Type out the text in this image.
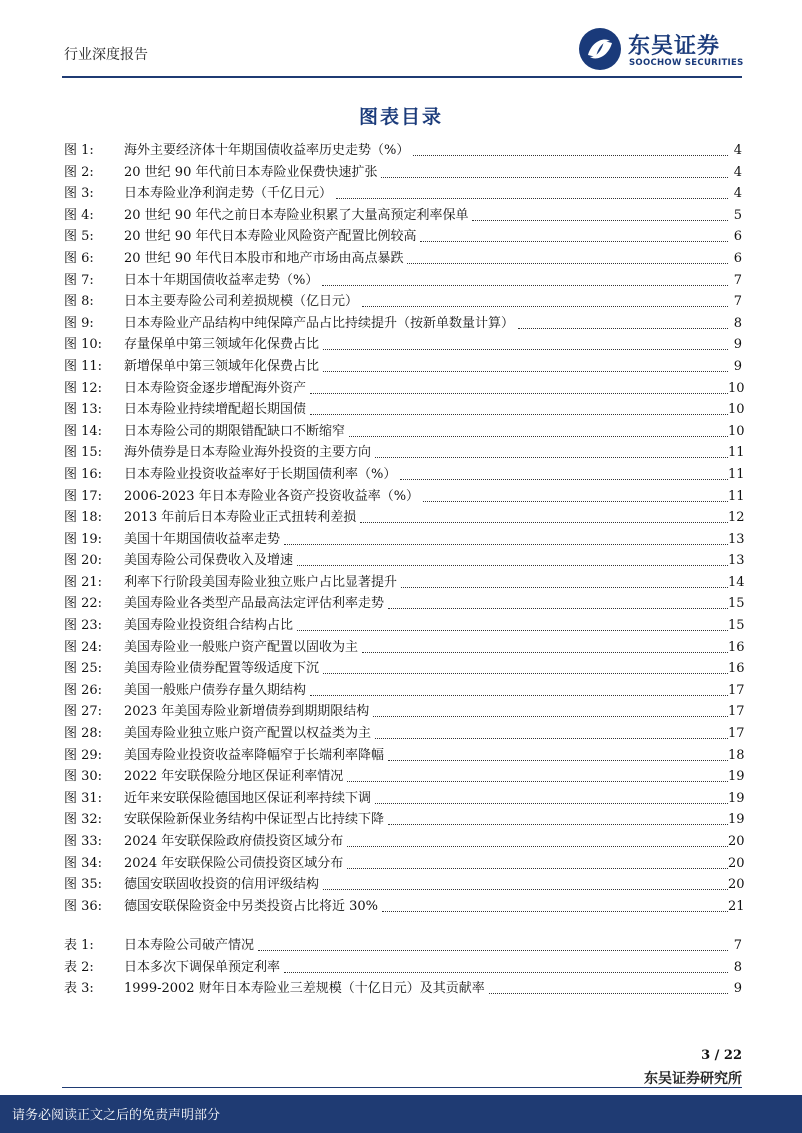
行业深度报告	东吴证券
SOOCHOW SECURITIES
图表目录
图 1: 海外主要经济体十年期国债收益率历史走势（%）	4
图 2: 20 世纪 90 年代前日本寿险业保费快速扩张	4
图 3: 日本寿险业净利润走势（千亿日元）	4
图 4: 20 世纪 90 年代之前日本寿险业积累了大量高预定利率保单	5
图 5: 20 世纪 90 年代日本寿险业风险资产配置比例较高	6
图 6: 20 世纪 90 年代日本股市和地产市场由高点暴跌	6
图 7: 日本十年期国债收益率走势（%）	7
图 8: 日本主要寿险公司利差损规模（亿日元）	7
图 9: 日本寿险业产品结构中纯保障产品占比持续提升（按新单数量计算）	8
图 10: 存量保单中第三领域年化保费占比	9
图 11: 新增保单中第三领域年化保费占比	9
图 12: 日本寿险资金逐步增配海外资产	10
图 13: 日本寿险业持续增配超长期国债	10
图 14: 日本寿险公司的期限错配缺口不断缩窄	10
图 15: 海外债券是日本寿险业海外投资的主要方向	11
图 16: 日本寿险业投资收益率好于长期国债利率（%）	11
图 17: 2006-2023 年日本寿险业各资产投资收益率（%）	11
图 18: 2013 年前后日本寿险业正式扭转利差损	12
图 19: 美国十年期国债收益率走势	13
图 20: 美国寿险公司保费收入及增速	13
图 21: 利率下行阶段美国寿险业独立账户占比显著提升	14
图 22: 美国寿险业各类型产品最高法定评估利率走势	15
图 23: 美国寿险业投资组合结构占比	15
图 24: 美国寿险业一般账户资产配置以固收为主	16
图 25: 美国寿险业债券配置等级适度下沉	16
图 26: 美国一般账户债券存量久期结构	17
图 27: 2023 年美国寿险业新增债券到期期限结构	17
图 28: 美国寿险业独立账户资产配置以权益类为主	17
图 29: 美国寿险业投资收益率降幅窄于长端利率降幅	18
图 30: 2022 年安联保险分地区保证利率情况	19
图 31: 近年来安联保险德国地区保证利率持续下调	19
图 32: 安联保险新保业务结构中保证型占比持续下降	19
图 33: 2024 年安联保险政府债投资区域分布	20
图 34: 2024 年安联保险公司债投资区域分布	20
图 35: 德国安联固收投资的信用评级结构	20
图 36: 德国安联保险资金中另类投资占比将近 30%	21
表 1: 日本寿险公司破产情况	7
表 2: 日本多次下调保单预定利率	8
表 3: 1999-2002 财年日本寿险业三差规模（十亿日元）及其贡献率	9
3 / 22
东吴证券研究所
请务必阅读正文之后的免责声明部分
